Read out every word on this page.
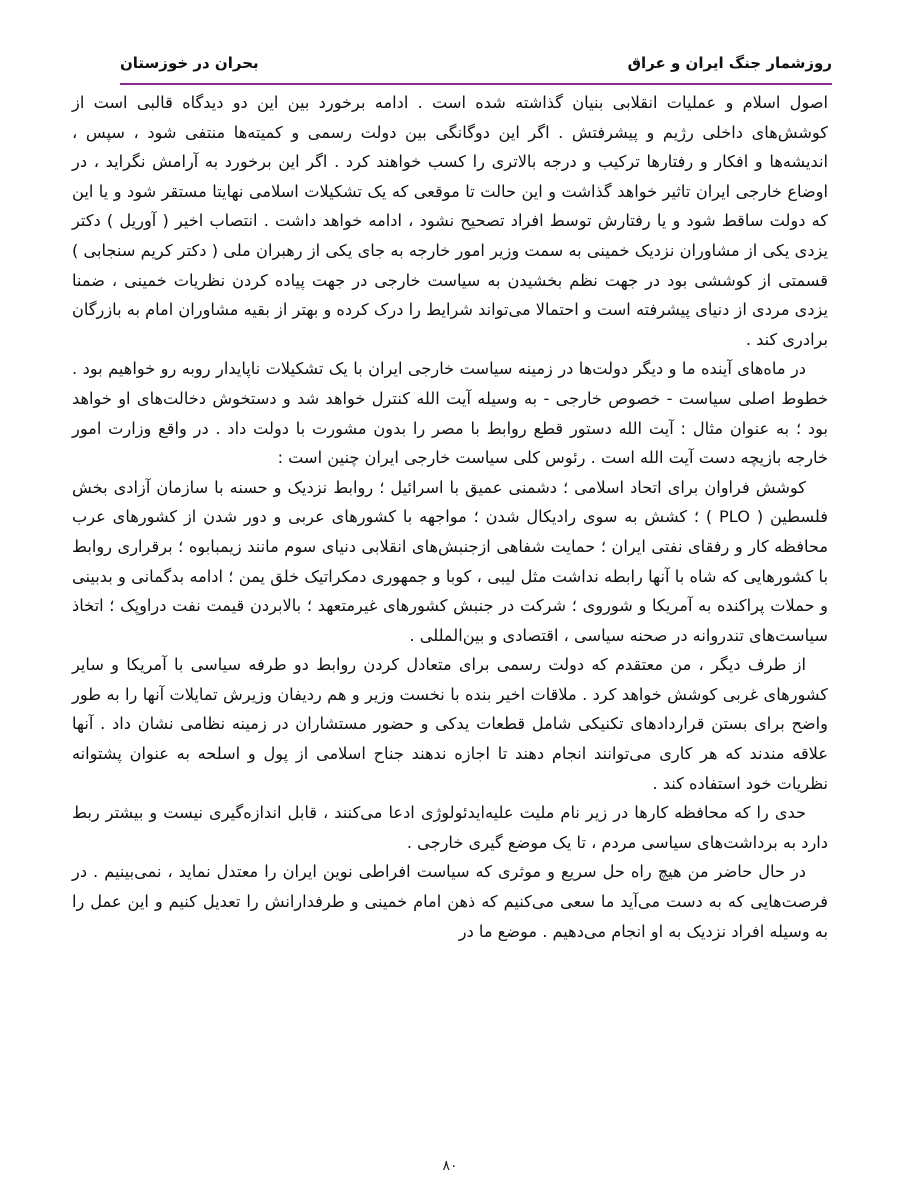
روزشمار جنگ ایران و عراق
بحران در خوزستان

اصول اسلام و عملیات انقلابی بنیان گذاشته شده است . ادامه برخورد بین این دو دیدگاه قالبی است از کوشش‌های داخلی رژیم و پیشرفتش . اگر این دوگانگی بین دولت رسمی و کمیته‌ها منتفی شود ، سپس ، اندیشه‌ها و افکار و رفتارها ترکیب و درجه بالاتری را کسب خواهند کرد . اگر این برخورد به آرامش نگراید ، در اوضاع خارجی ایران تاثیر خواهد گذاشت و این حالت تا موقعی که یک تشکیلات اسلامی نهایتا مستقر شود و یا این که دولت ساقط شود و یا رفتارش توسط افراد تصحیح نشود ، ادامه خواهد داشت . انتصاب اخیر ( آوریل ) دکتر یزدی یکی از مشاوران نزدیک خمینی به سمت وزیر امور خارجه به جای یکی از رهبران ملی ( دکتر کریم سنجابی ) قسمتی از کوششی بود در جهت نظم بخشیدن به سیاست خارجی در جهت پیاده کردن نظریات خمینی ، ضمنا یزدی مردی از دنیای پیشرفته است و احتمالا می‌تواند شرایط را درک کرده و بهتر از بقیه مشاوران امام به بازرگان برادری کند .

در ماه‌های آینده ما و دیگر دولت‌ها در زمینه سیاست خارجی ایران با یک تشکیلات ناپایدار روبه رو خواهیم بود . خطوط اصلی سیاست - خصوص خارجی - به وسیله آیت الله کنترل خواهد شد و دستخوش دخالت‌های او خواهد بود ؛ به عنوان مثال : آیت الله دستور قطع روابط با مصر را بدون مشورت با دولت داد . در واقع وزارت امور خارجه بازیچه دست آیت الله است . رئوس کلی سیاست خارجی ایران چنین است :

کوشش فراوان برای اتحاد اسلامی ؛ دشمنی عمیق با اسرائیل ؛ روابط نزدیک و حسنه با سازمان آزادی بخش فلسطین ( PLO ) ؛ کشش به سوی رادیکال شدن ؛ مواجهه با کشورهای عربی و دور شدن از کشورهای عرب محافظه کار و رفقای نفتی ایران ؛ حمایت شفاهی ازجنبش‌های انقلابی دنیای سوم مانند زیمبابوه ؛ برقراری روابط با کشورهایی که شاه با آنها رابطه نداشت مثل لیبی ، کوبا و جمهوری دمکراتیک خلق یمن ؛ ادامه بدگمانی و بدبینی و حملات پراکنده به آمریکا و شوروی ؛ شرکت در جنبش کشورهای غیرمتعهد ؛ بالابردن قیمت نفت دراوپک ؛ اتخاذ سیاست‌های تندروانه در صحنه سیاسی ، اقتصادی و بین‌المللی .

از طرف دیگر ، من معتقدم که دولت رسمی برای متعادل کردن روابط دو طرفه سیاسی با آمریکا و سایر کشورهای غربی کوشش خواهد کرد . ملاقات اخیر بنده با نخست وزیر و هم ردیفان وزیرش تمایلات آنها را به طور واضح برای بستن قراردادهای تکنیکی شامل قطعات یدکی و حضور مستشاران در زمینه نظامی نشان داد . آنها علاقه مندند که هر کاری می‌توانند انجام دهند تا اجازه ندهند جناح اسلامی از پول و اسلحه به عنوان پشتوانه نظریات خود استفاده کند .

حدی را که محافظه کارها در زیر نام ملیت علیه‌ایدئولوژی ادعا می‌کنند ، قابل اندازه‌گیری نیست و بیشتر ربط دارد به برداشت‌های سیاسی مردم ، تا یک موضع گیری خارجی .

در حال حاضر من هیچ راه حل سریع و موثری که سیاست افراطی نوین ایران را معتدل نماید ، نمی‌بینیم . در فرصت‌هایی که به دست می‌آید ما سعی می‌کنیم که ذهن امام خمینی و طرفدارانش را تعدیل کنیم و این عمل را به وسیله افراد نزدیک به او انجام می‌دهیم . موضع ما در

۸۰
